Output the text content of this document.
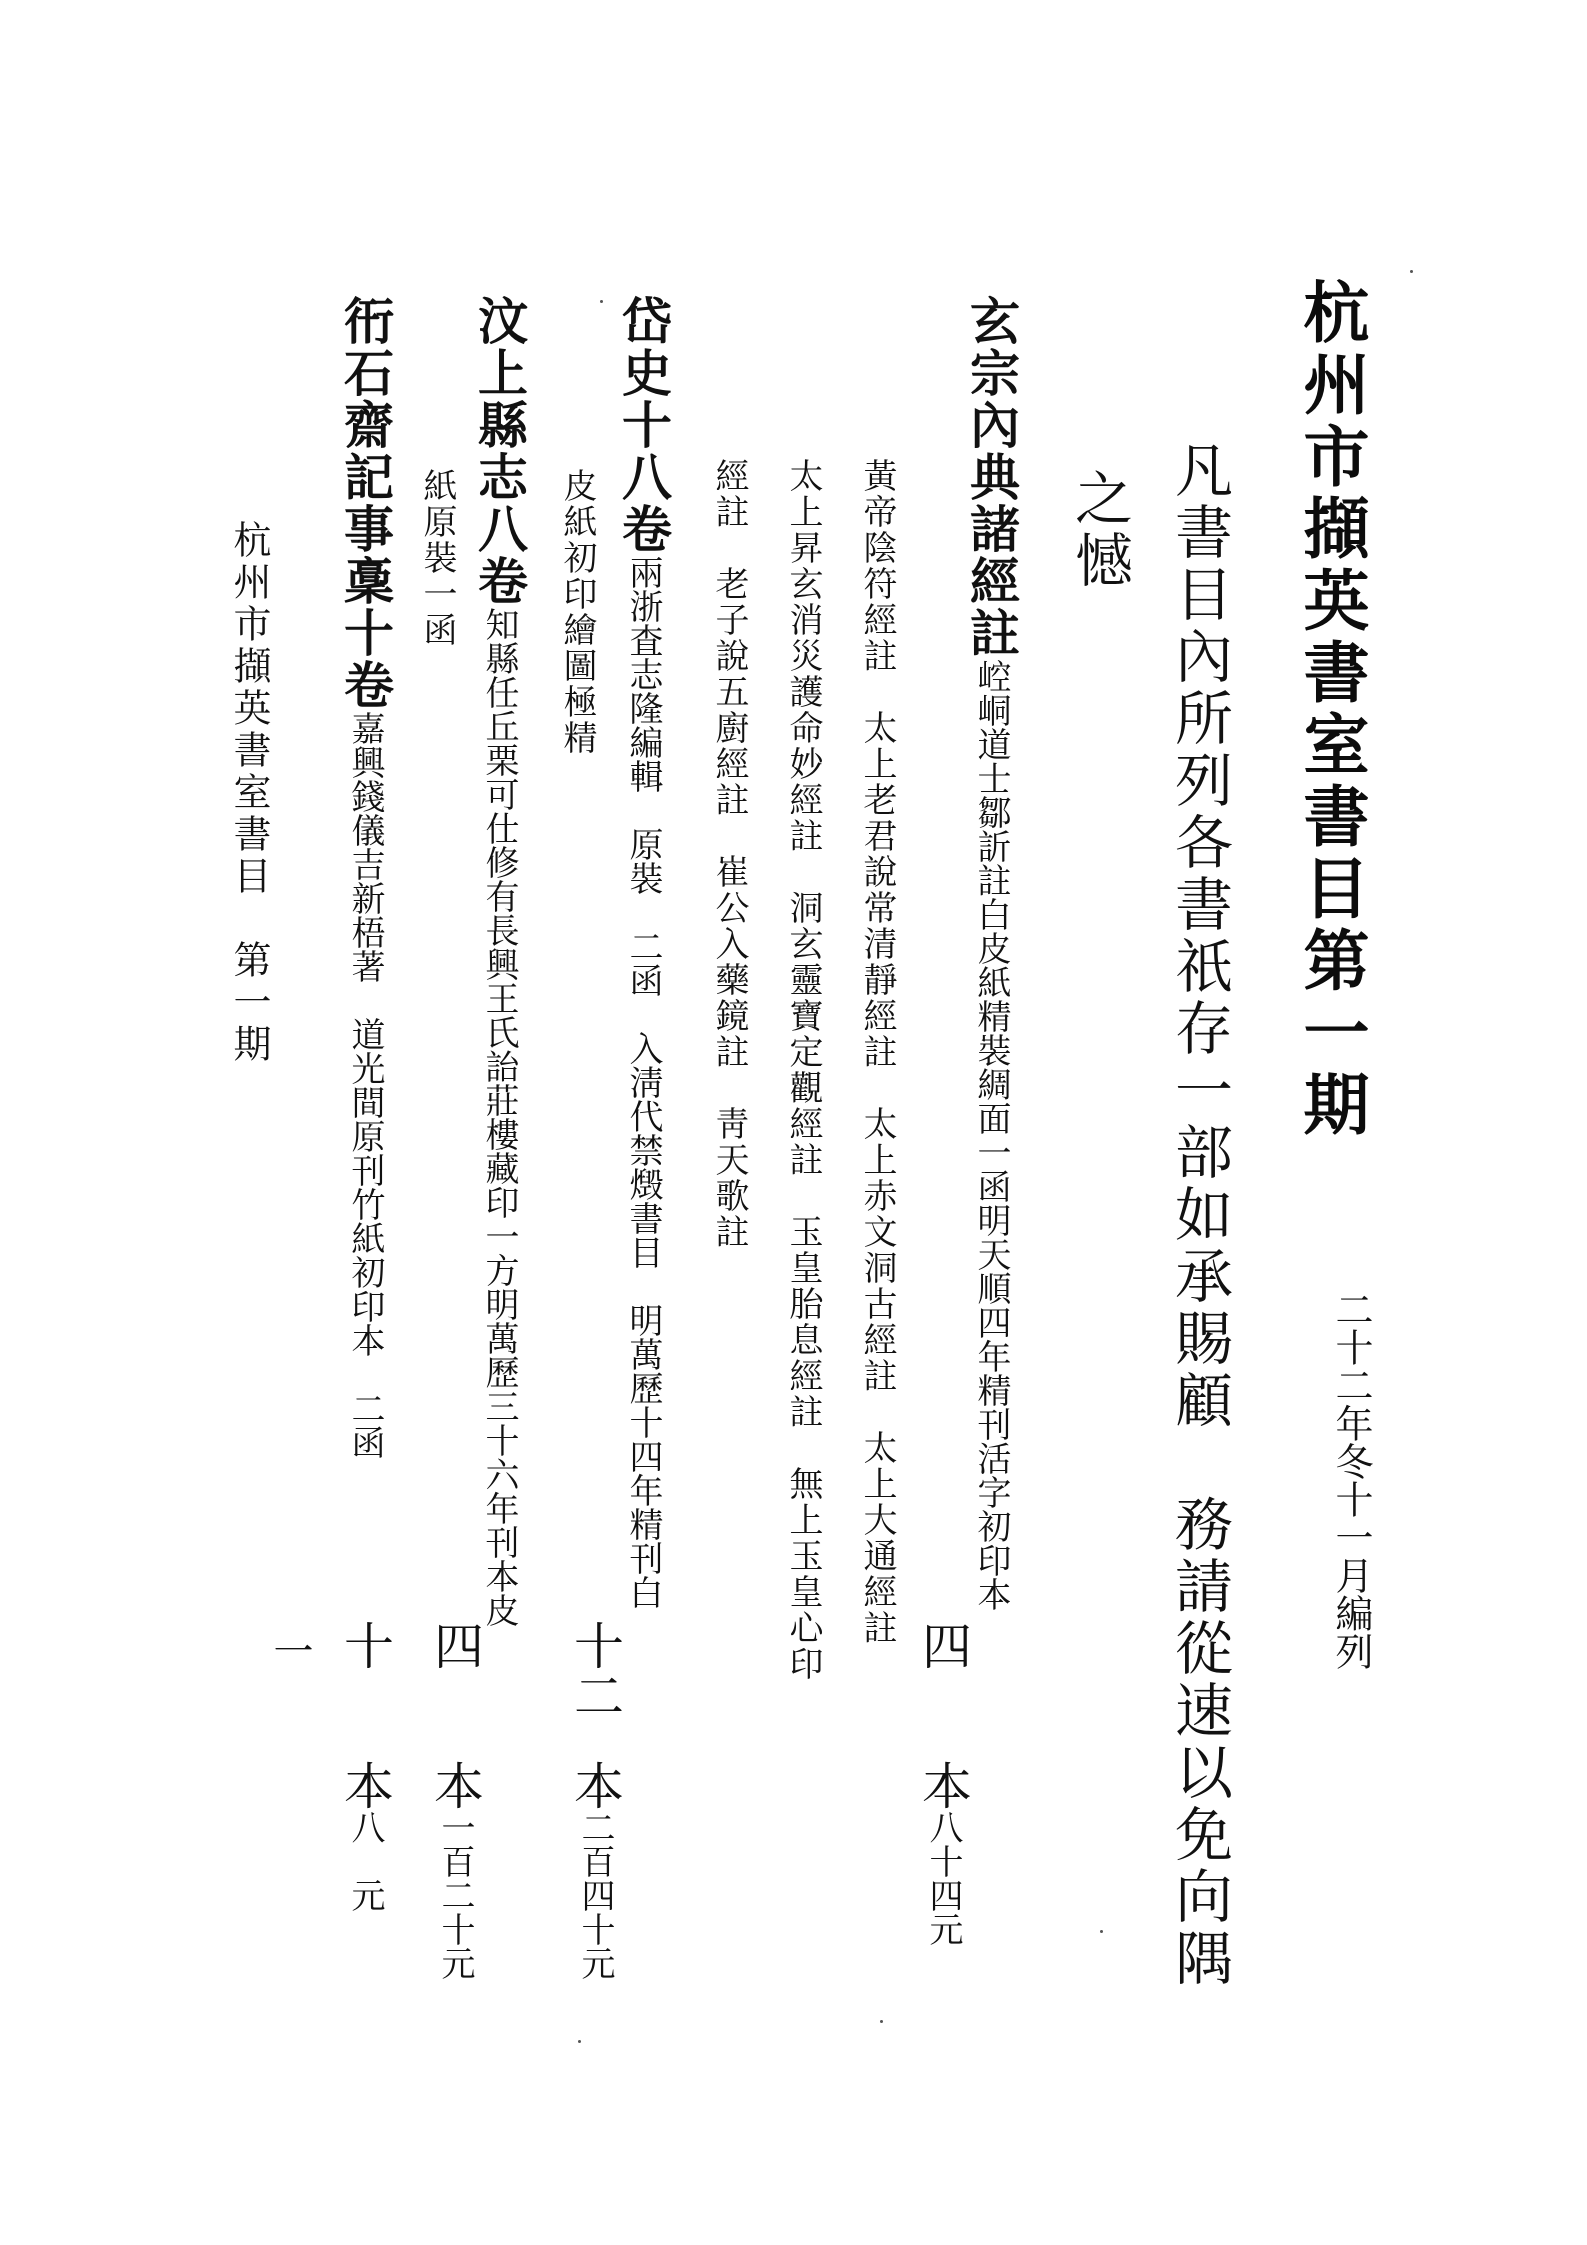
杭州市擷英書室書目第一期
二十二年冬十一月編列
凡書目內所列各書祇存一部如承賜顧　務請從速以免向隅
之憾
玄宗內典諸經註崆峒道士鄒訢註白皮紙精裝綢面一函明天順四年精刊活字初印本
四
本八十四元
黃帝陰符經註　太上老君說常清靜經註　太上赤文洞古經註　太上大通經註
太上昇玄消災護命妙經註　洞玄靈寶定觀經註　玉皇胎息經註　無上玉皇心印
經註　老子說五廚經註　崔公入藥鏡註　靑天歌註
岱史十八卷兩浙査志隆編輯　原裝　二函　入淸代禁燬書目　明萬歷十四年精刊白
十二
本二百四十元
皮紙初印繪圖極精
汶上縣志八卷知縣任丘栗可仕修有長興王氏詒莊樓藏印一方明萬歷三十六年刊本皮
四
本一百二十元
紙原裝一函
衎石齋記事稾十卷嘉興錢儀吉新梧著　道光間原刊竹紙初印本　二函
十
本八　元
杭州市擷英書室書目　第一期
一
